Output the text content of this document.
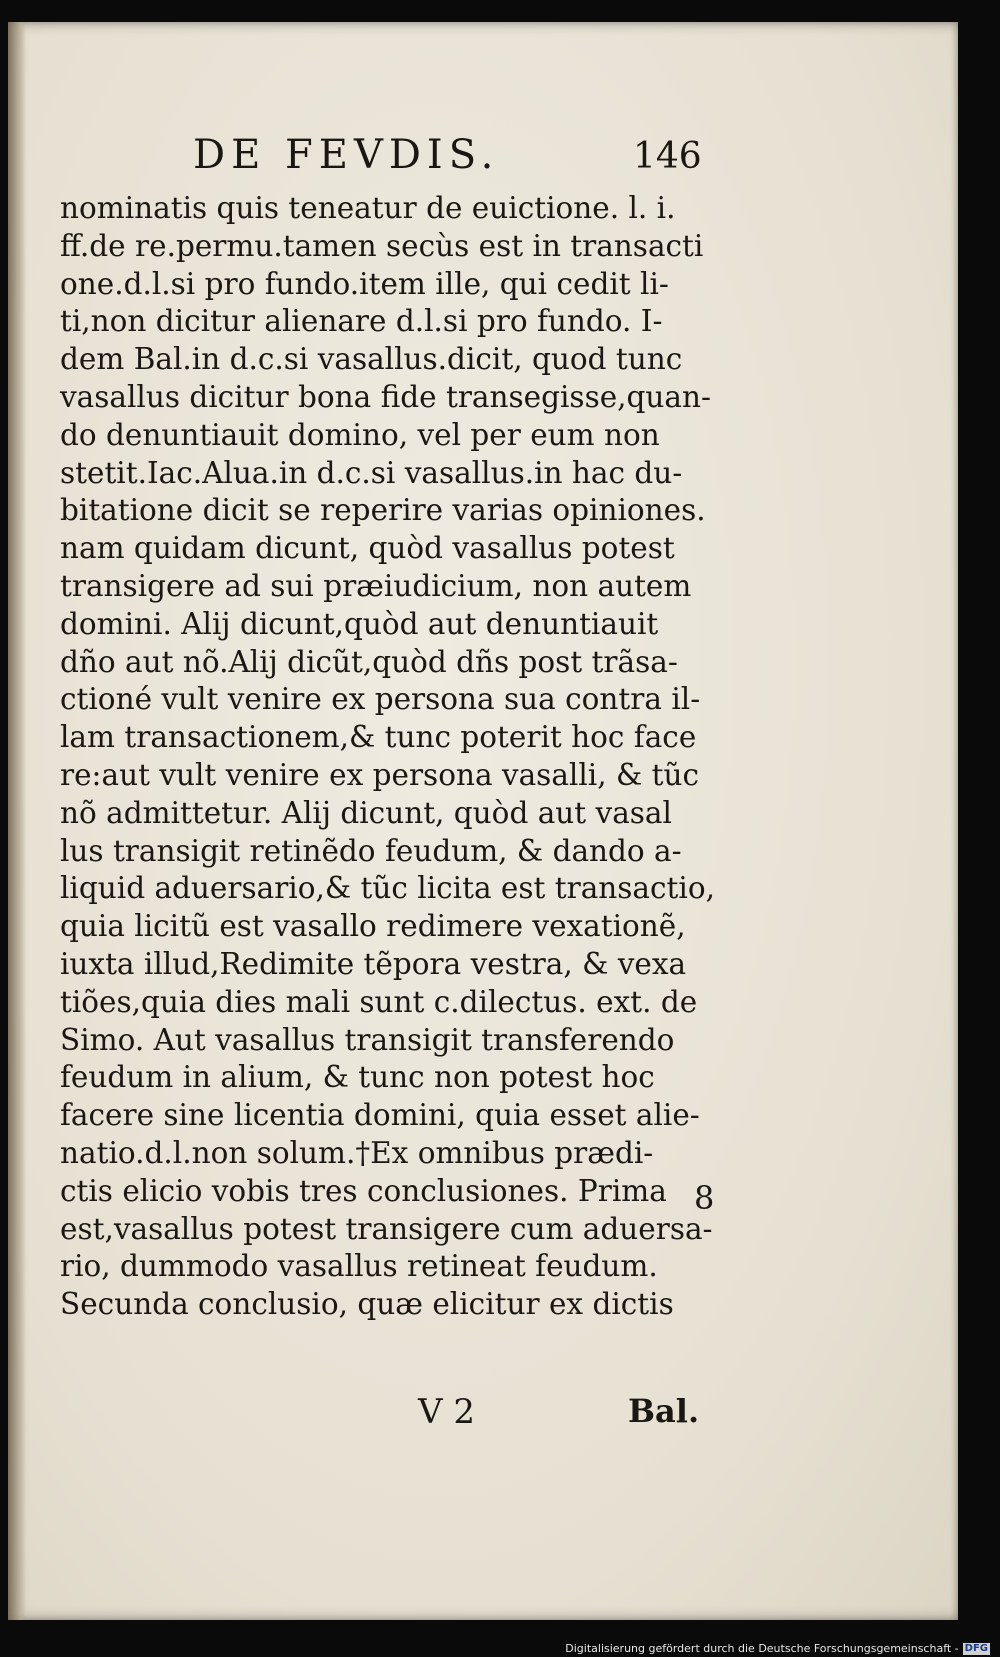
DE FEVDIS.	146
nominatis quis teneatur de euictione. l. i.
ff.de re.permu.tamen secùs est in transacti
one.d.l.si pro fundo.item ille, qui cedit li-
ti,non dicitur alienare d.l.si pro fundo. I-
dem Bal.in d.c.si vasallus.dicit, quod tunc
vasallus dicitur bona fide transegisse,quan-
do denuntiauit domino, vel per eum non
stetit.Iac.Alua.in d.c.si vasallus.in hac du-
bitatione dicit se reperire varias opiniones.
nam quidam dicunt, quòd vasallus potest
transigere ad sui præiudicium, non autem
domini. Alij dicunt,quòd aut denuntiauit
dño aut nõ.Alij dicũt,quòd dñs post trãsa-
ctioné vult venire ex persona sua contra il-
lam transactionem,& tunc poterit hoc face
re:aut vult venire ex persona vasalli, & tũc
nõ admittetur. Alij dicunt, quòd aut vasal
lus transigit retinẽdo feudum, & dando a-
liquid aduersario,& tũc licita est transactio,
quia licitũ est vasallo redimere vexationẽ,
iuxta illud,Redimite tẽpora vestra, & vexa
tiões,quia dies mali sunt c.dilectus. ext. de
Simo. Aut vasallus transigit transferendo
feudum in alium, & tunc non potest hoc
facere sine licentia domini, quia esset alie-
natio.d.l.non solum.†Ex omnibus prædi-
ctis elicio vobis tres conclusiones. Prima
est,vasallus potest transigere cum aduersa-
rio, dummodo vasallus retineat feudum.
Secunda conclusio, quæ elicitur ex dictis
8
V 2	Bal.
Digitalisierung gefördert durch die Deutsche Forschungsgemeinschaft - DFG
